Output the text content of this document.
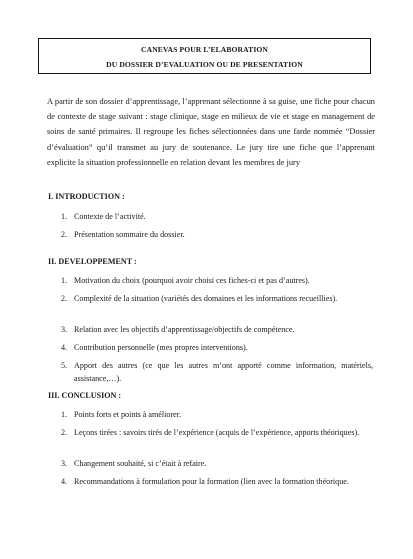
CANEVAS POUR L’ELABORATION
DU DOSSIER D’EVALUATION OU DE PRESENTATION

A partir de son dossier d’apprentissage, l’apprenant sélectionne à sa guise, une fiche pour chacun de contexte de stage suivant : stage clinique, stage en milieux de vie et stage en management de soins de santé primaires. Il regroupe les fiches sélectionnées dans une farde nommée “Dossier d’évaluation” qu’il transmet au jury de soutenance. Le jury tire une fiche que l’apprenant explicite la situation professionnelle en relation devant les membres de jury

I. INTRODUCTION :
1. Contexte de l’activité.
2. Présentation sommaire du dossier.
II. DEVELOPPEMENT :
1. Motivation du choix (pourquoi avoir choisi ces fiches-ci et pas d’autres).
2. Complexité de la situation (variétés des domaines et les informations recueillies).
3. Relation avec les objectifs d’apprentissage/objectifs de compétence.
4. Contribution personnelle (mes propres interventions).
5. Apport des autres (ce que les autres m’ont apporté comme information, matériels, assistance,…).
III. CONCLUSION :
1. Points forts et points à améliorer.
2. Leçons tirées : savoirs tirés de l’expérience (acquis de l’expérience, apports théoriques).
3. Changement souhaité, si c’était à refaire.
4. Recommandations à formulation pour la formation (lien avec la formation théorique.
